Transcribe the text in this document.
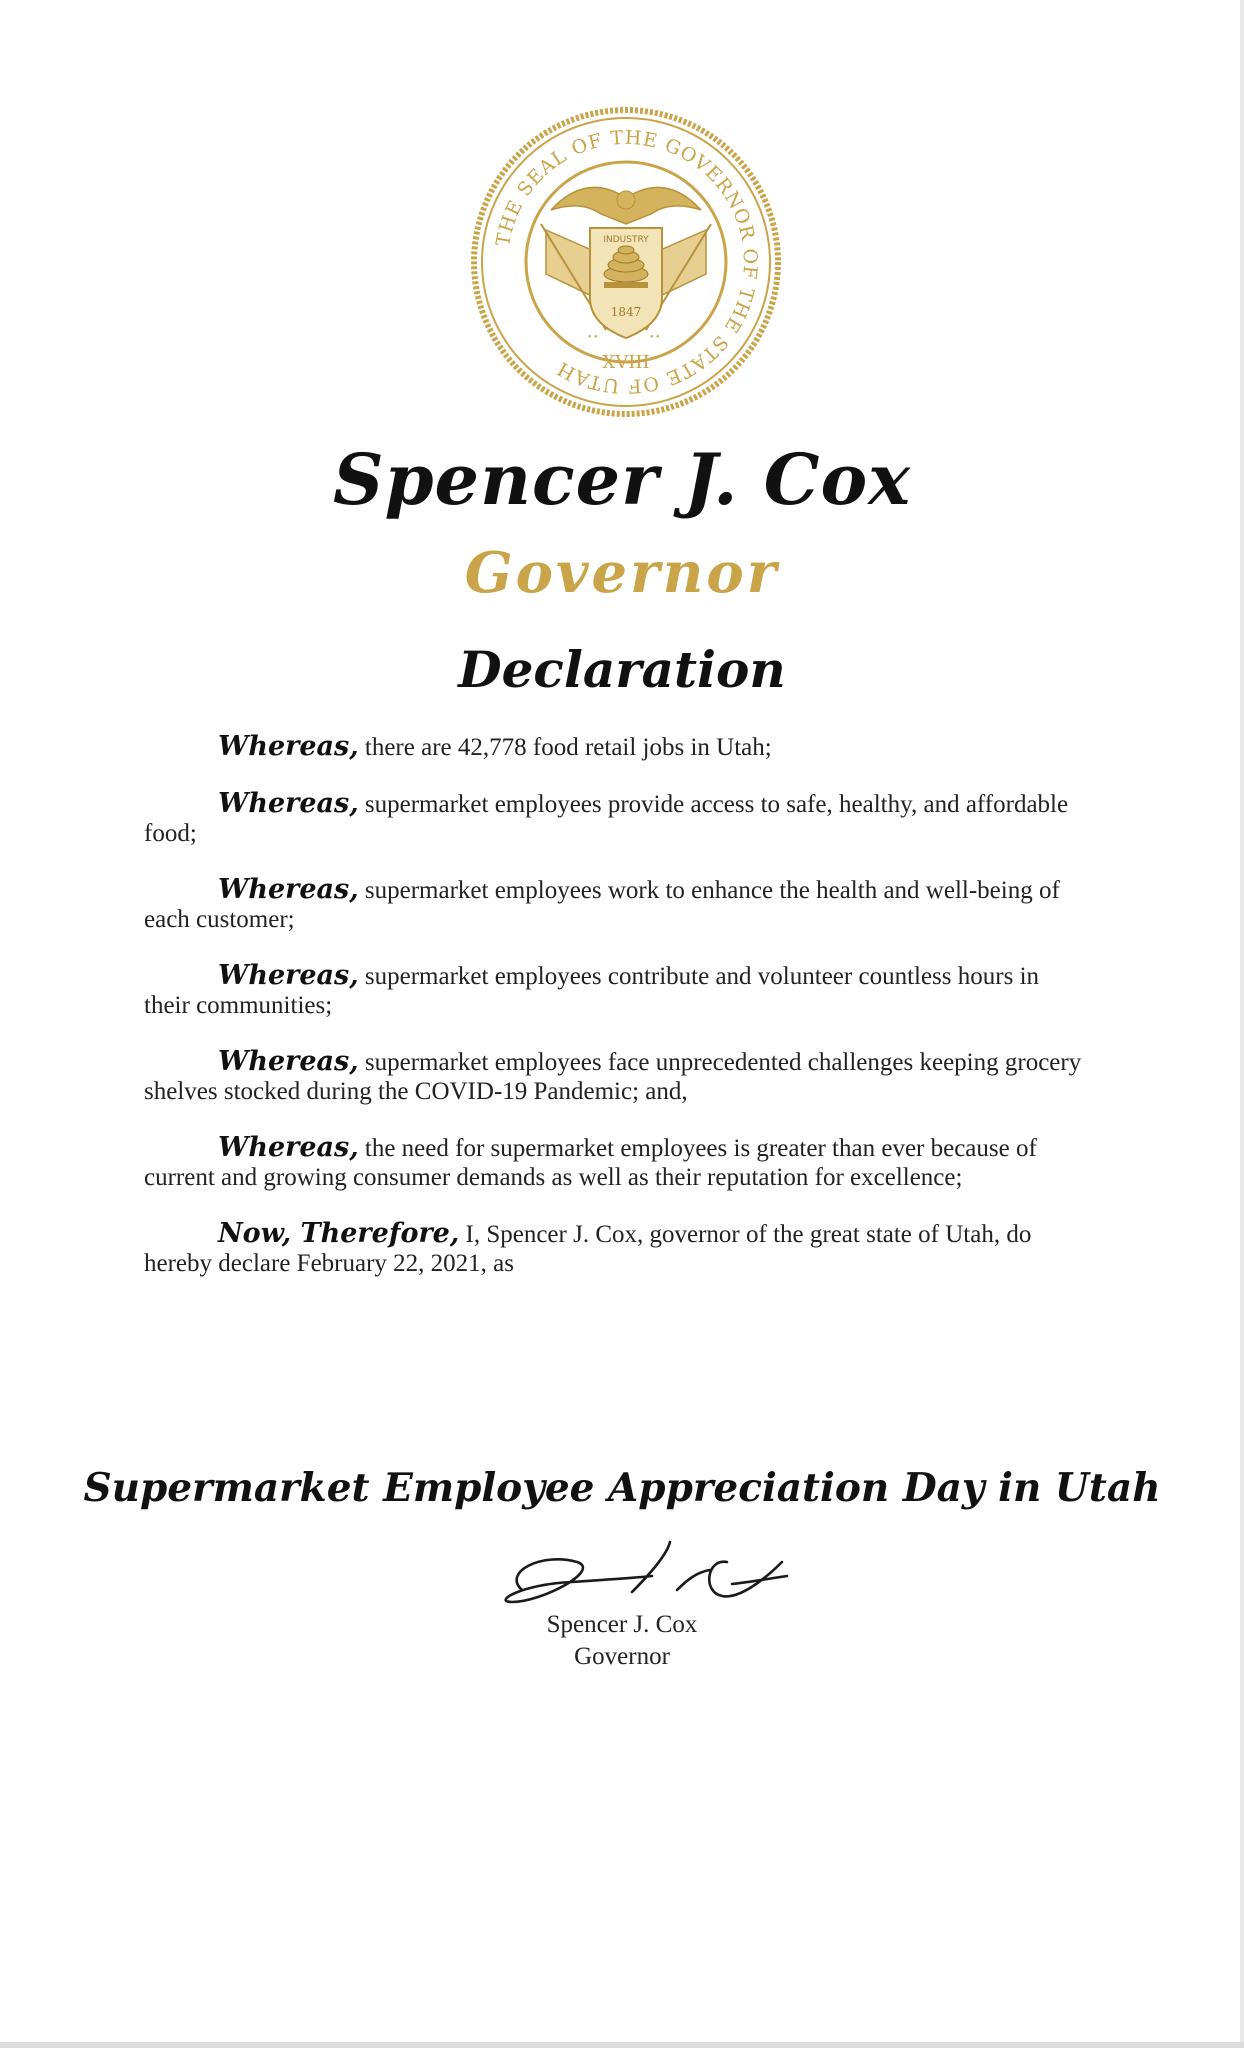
THE SEAL OF THE GOVERNOR OF THE STATE OF UTAH
INDUSTRY
1847
• •	• •
XVIII
Spencer J. Cox
Governor
Declaration

Whereas, there are 42,778 food retail jobs in Utah;

Whereas, supermarket employees provide access to safe, healthy, and affordable food;

Whereas, supermarket employees work to enhance the health and well-being of each customer;

Whereas, supermarket employees contribute and volunteer countless hours in their communities;

Whereas, supermarket employees face unprecedented challenges keeping grocery shelves stocked during the COVID-19 Pandemic; and,

Whereas, the need for supermarket employees is greater than ever because of current and growing consumer demands as well as their reputation for excellence;

Now, Therefore, I, Spencer J. Cox, governor of the great state of Utah, do hereby declare February 22, 2021, as

Supermarket Employee Appreciation Day in Utah
Spencer J. Cox
Governor
